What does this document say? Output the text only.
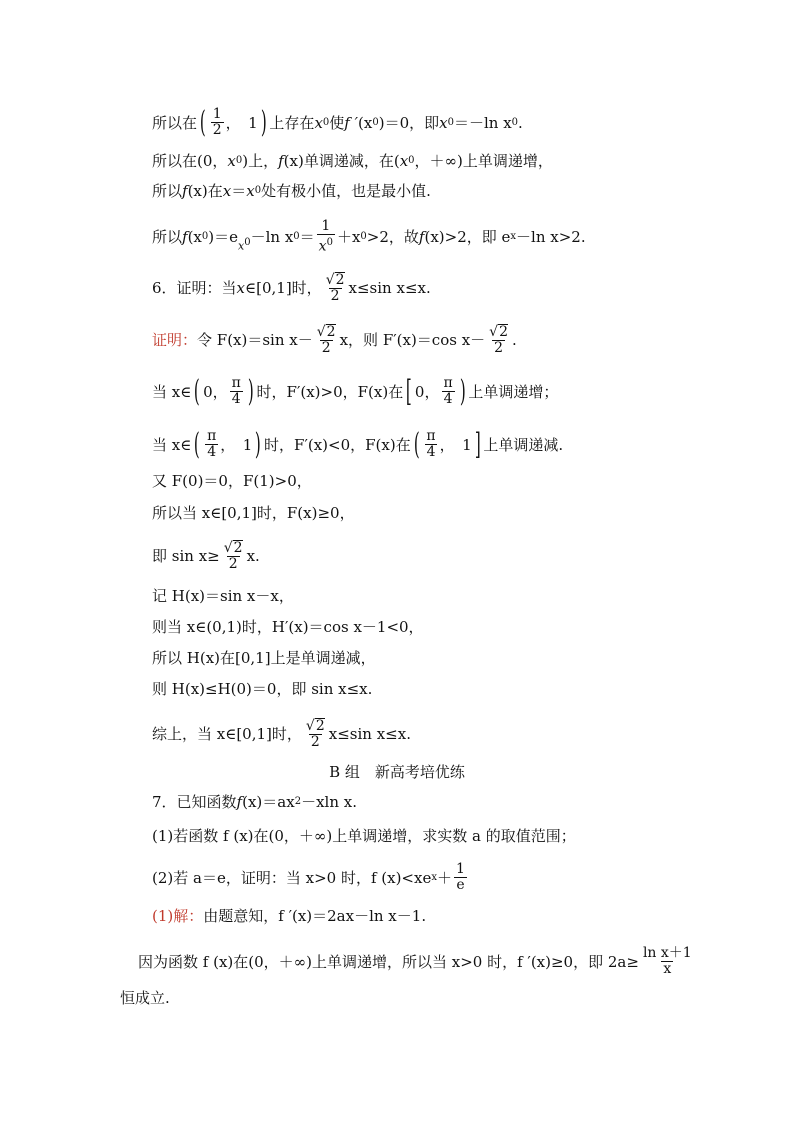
所以在 ( $\frac{1}{2}$ ，　1 ) 上存在 x 0 使 f ′ (x 0 )＝0，即 x 0 ＝－ln x 0 .
所以在(0， x 0 )上， f (x)单调递减，在( x 0 ，＋∞)上单调递增，
所以 f (x)在 x ＝ x 0 处有极小值，也是最小值.
所以 f (x 0 )＝e
$x^0 -\ln$ x $0 = \frac{1}{x^0} +x$ 0 >2，故 f (x)>2，即 e x －ln x>2.
6．证明：当 x ∈[0,1]时， $\frac{√2}{2} x\le\sin$ x≤x.
证明： 令 F(x)＝sin $x- \frac{√2}{2}$ x，则 F′(x)＝cos $x- \frac{√2}{2}$ .
当 x∈ ( 0， $\frac{\pi}{4}$ ) 时，F′(x)>0，F(x)在 [ 0， $\frac{\pi}{4}$ ) 上单调递增；
当 x∈ ( $\frac{\pi}{4}$ ，　1 ) 时，F′(x)<0，F(x)在 ( $\frac{\pi}{4}$ ，　1 ] 上单调递减.
又 F(0)＝0，F(1)>0，
所以当 x∈[0,1]时，F(x)≥0，
即 $\sin x\ge \frac{√2}{2} x$.
记 H(x)＝sin x－x，
则当 x∈(0,1)时，H′(x)＝cos x－1<0，
所以 H(x)在[0,1]上是单调递减，
则 H(x)≤H(0)＝0，即 sin x≤x.
综上，当 x∈[0,1]时， $\frac{√2}{2} x\le\sin$ x≤x.
B 组　新高考培优练
7．已知函数 f (x)＝ax 2 －xln x.
(1)若函数 f (x)在(0，＋∞)上单调递增，求实数 a 的取值范围；
(2)若 a＝e，证明：当 x>0 时，f (x)<xe $x + \frac{1}{e}$
(1)解： 由题意知，f ′(x)＝2ax－ln x－1.
因为函数 f (x)在(0，＋∞)上单调递增，所以当 x>0 时，f ′(x)≥0，即 $2a\ge \frac{\text{ln x＋1}}{x}$
恒成立.
